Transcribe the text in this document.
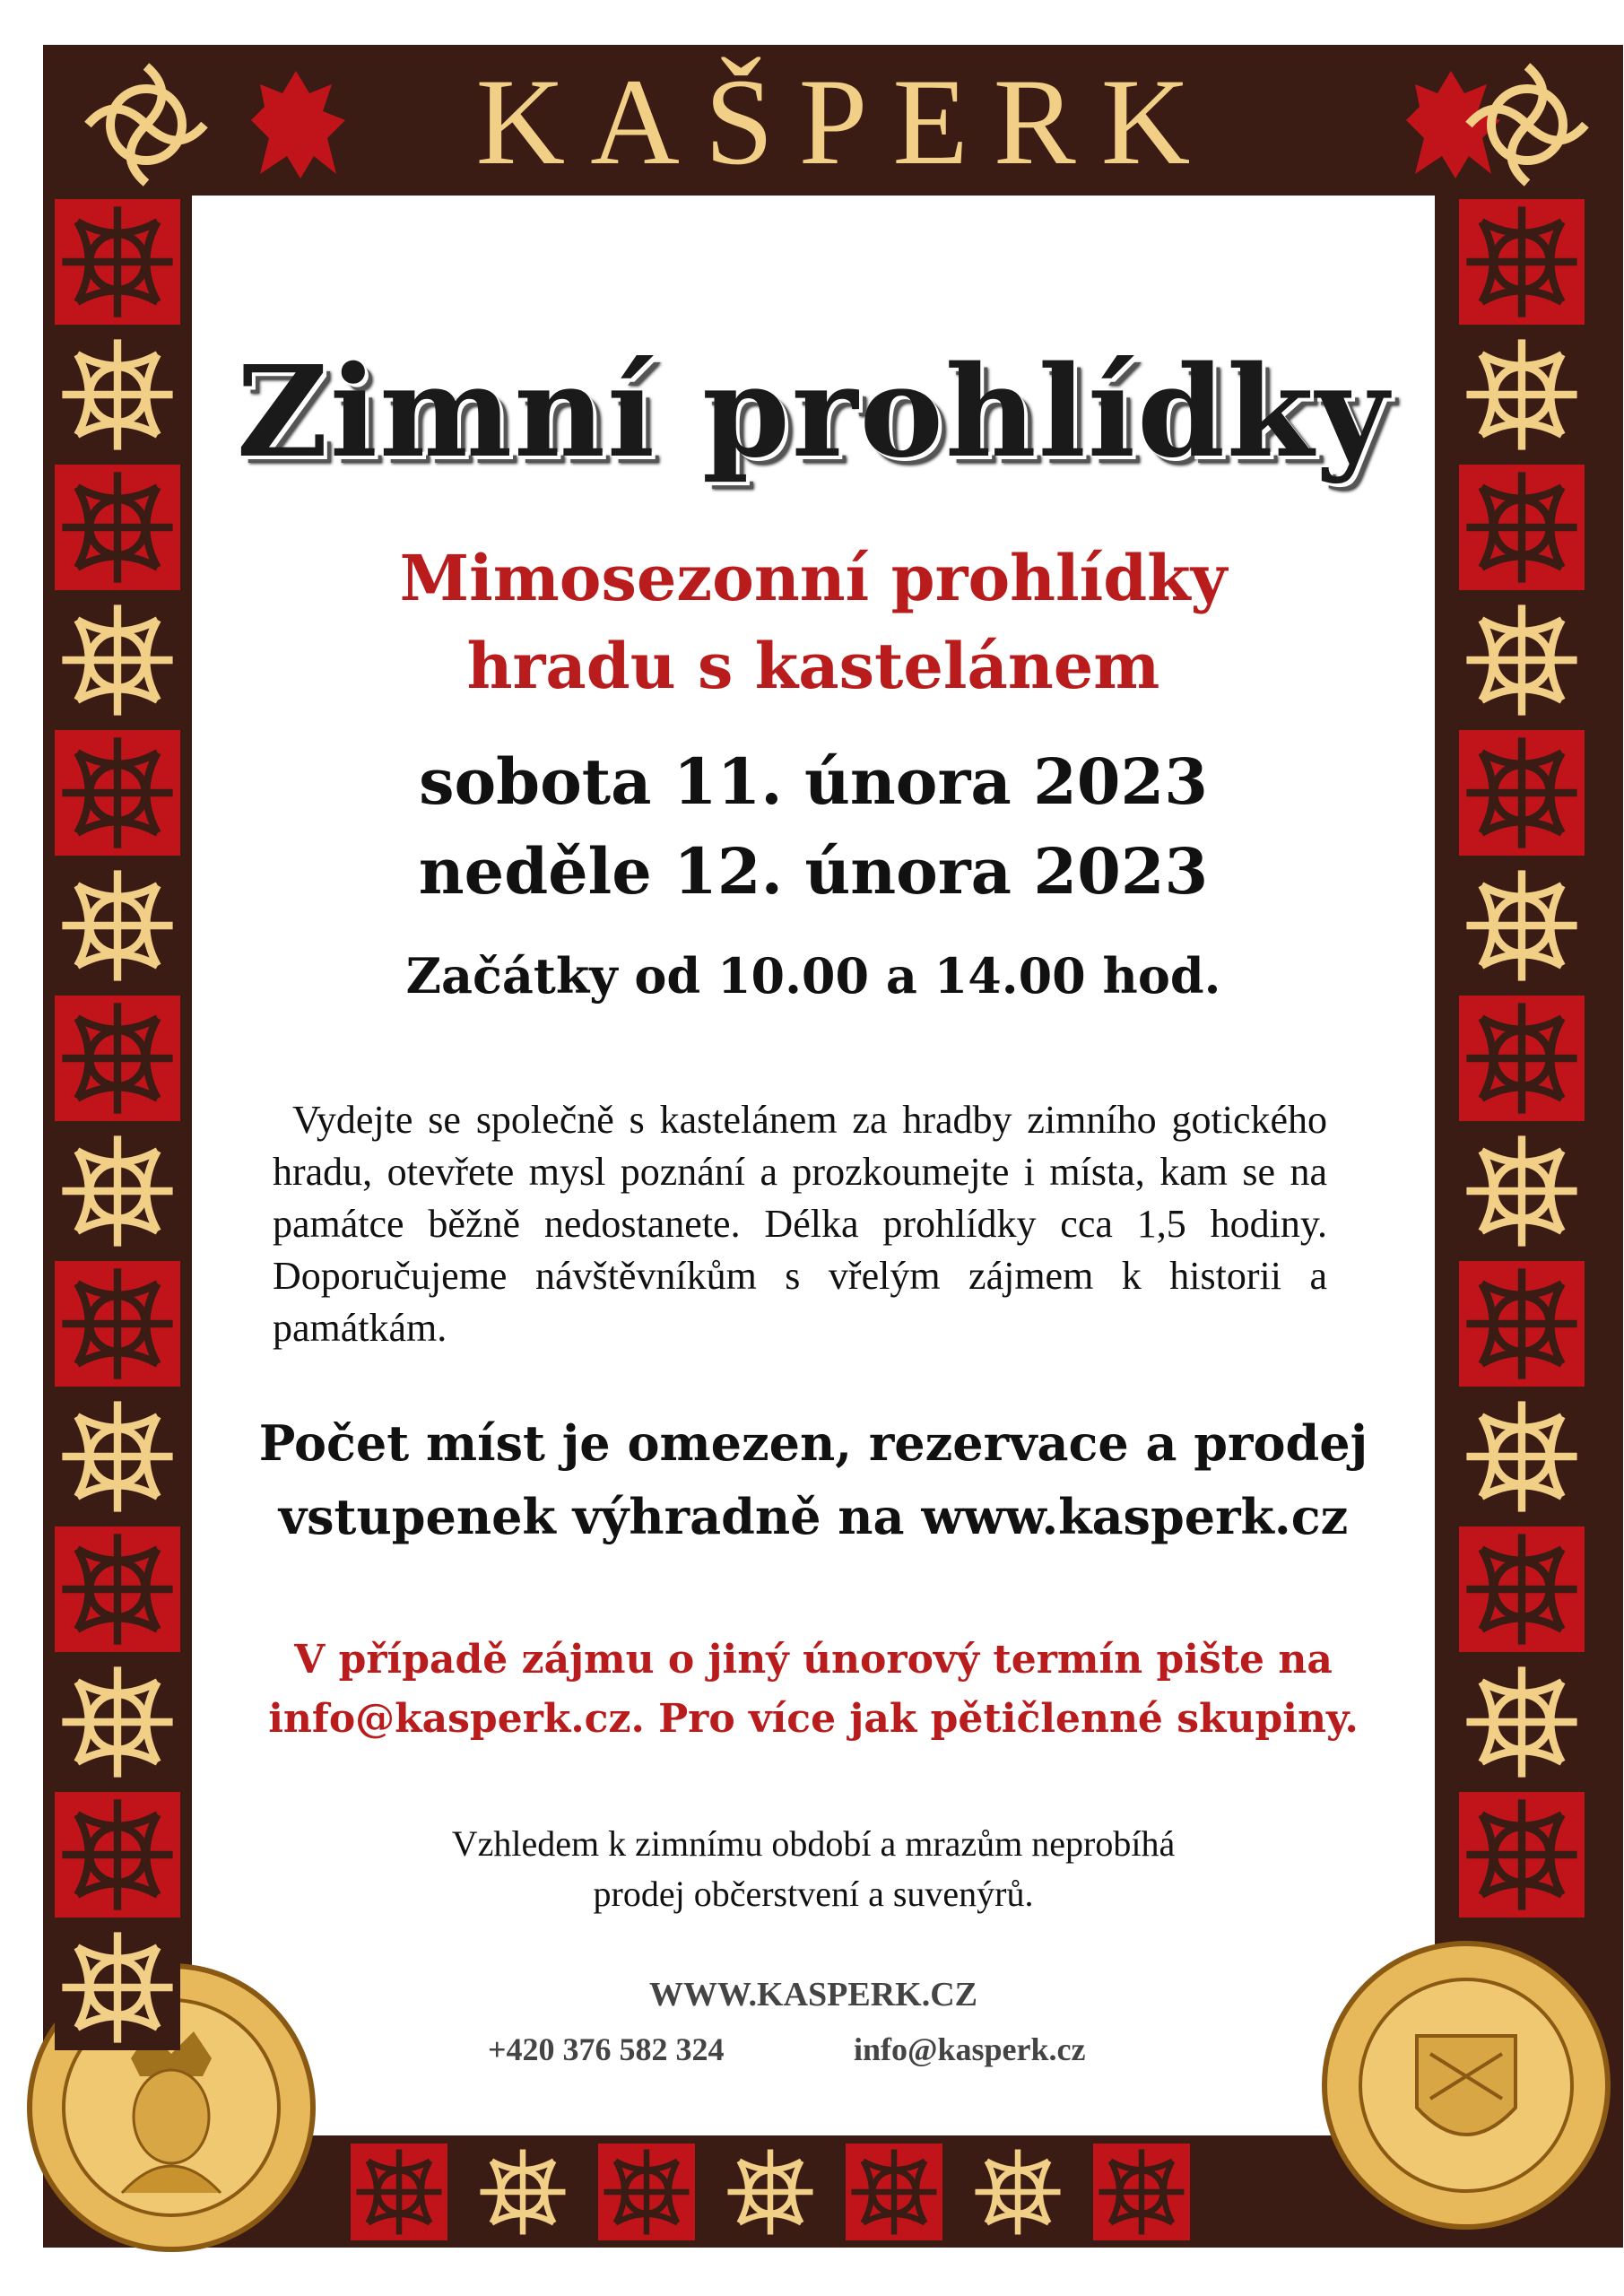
KAŠPERK
Zimní prohlídky
Mimosezonní prohlídky
hradu s kastelánem
sobota 11. února 2023
neděle 12. února 2023
Začátky od 10.00 a 14.00 hod.
Vydejte se společně s kastelánem za hradby zimního gotického hradu, otevřete mysl poznání a prozkoumejte i místa, kam se na památce běžně nedostanete. Délka prohlídky cca 1,5 hodiny. Doporučujeme návštěvníkům s vřelým zájmem k historii a památkám.
Počet míst je omezen, rezervace a prodej
vstupenek výhradně na www.kasperk.cz
V případě zájmu o jiný únorový termín pište na
info@kasperk.cz. Pro více jak pětičlenné skupiny.
Vzhledem k zimnímu období a mrazům neprobíhá
prodej občerstvení a suvenýrů.
WWW.KASPERK.CZ
+420 376 582 324	info@kasperk.cz
